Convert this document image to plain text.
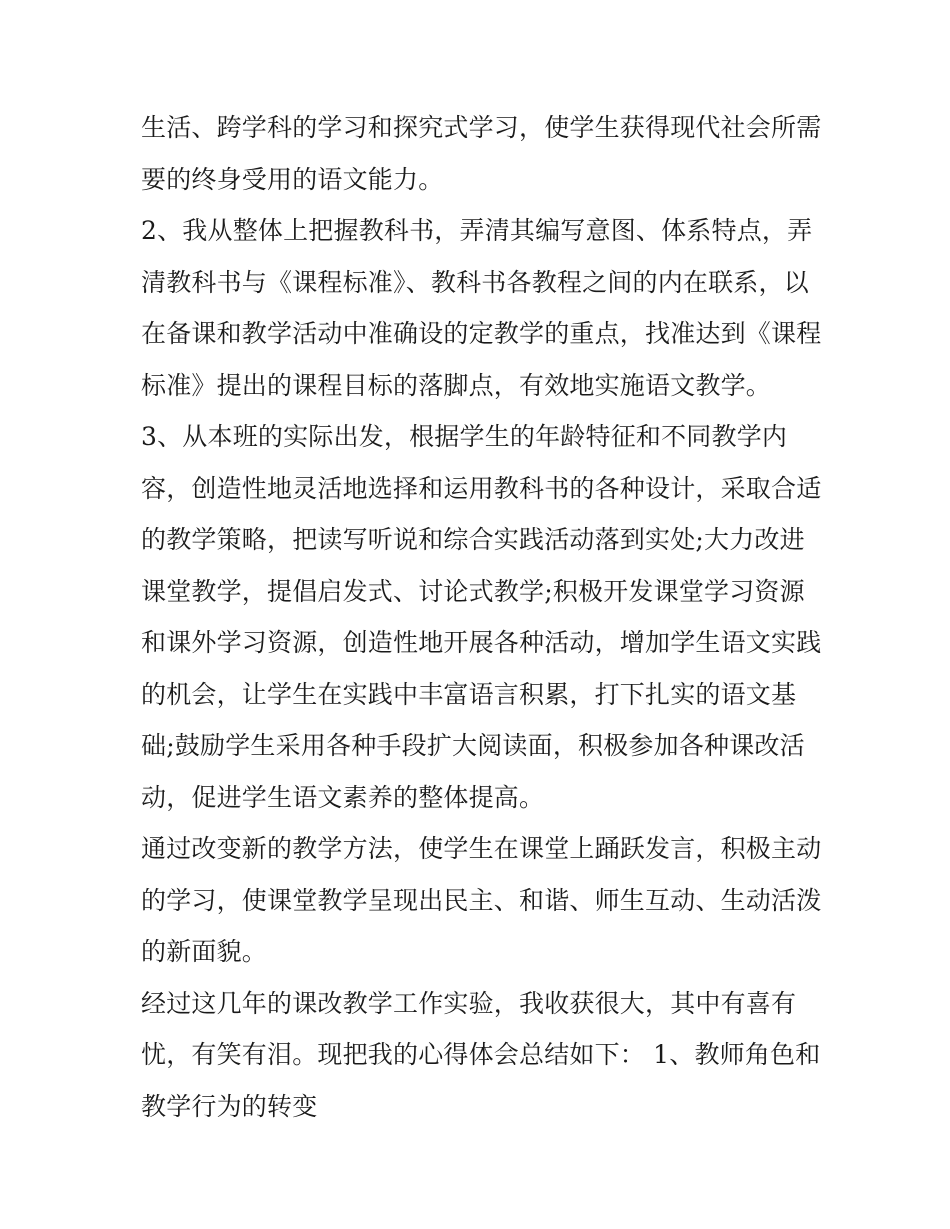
生活、跨学科的学习和探究式学习，使学生获得现代社会所需
要的终身受用的语文能力。
2、我从整体上把握教科书，弄清其编写意图、体系特点，弄
清教科书与《课程标准》、教科书各教程之间的内在联系，以
在备课和教学活动中准确设的定教学的重点，找准达到《课程
标准》提出的课程目标的落脚点，有效地实施语文教学。
3、从本班的实际出发，根据学生的年龄特征和不同教学内
容，创造性地灵活地选择和运用教科书的各种设计，采取合适
的教学策略，把读写听说和综合实践活动落到实处;大力改进
课堂教学，提倡启发式、讨论式教学;积极开发课堂学习资源
和课外学习资源，创造性地开展各种活动，增加学生语文实践
的机会，让学生在实践中丰富语言积累，打下扎实的语文基
础;鼓励学生采用各种手段扩大阅读面，积极参加各种课改活
动，促进学生语文素养的整体提高。
通过改变新的教学方法，使学生在课堂上踊跃发言，积极主动
的学习，使课堂教学呈现出民主、和谐、师生互动、生动活泼
的新面貌。
经过这几年的课改教学工作实验，我收获很大，其中有喜有
忧，有笑有泪。现把我的心得体会总结如下： 1、教师角色和
教学行为的转变
